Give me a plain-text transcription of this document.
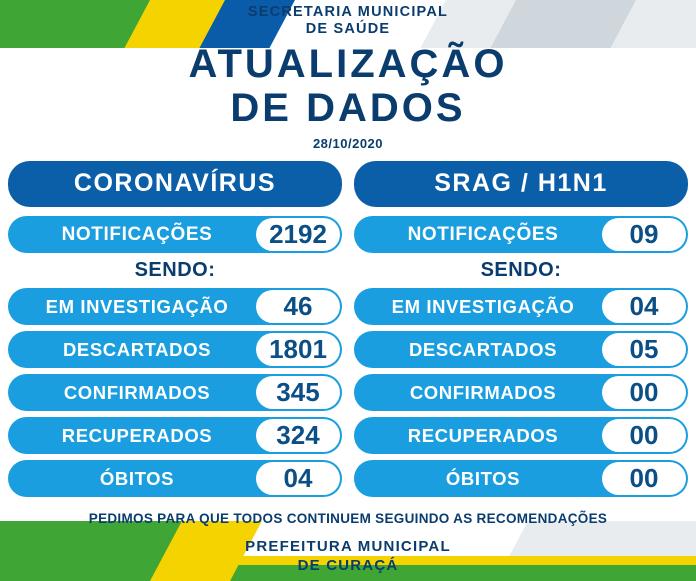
SECRETARIA MUNICIPAL
DE SAÚDE
ATUALIZAÇÃO
DE DADOS
28/10/2020
CORONAVÍRUS
NOTIFICAÇÕES	2192
SENDO:
EM INVESTIGAÇÃO	46
DESCARTADOS	1801
CONFIRMADOS	345
RECUPERADOS	324
ÓBITOS	04
SRAG / H1N1
NOTIFICAÇÕES	09
SENDO:
EM INVESTIGAÇÃO	04
DESCARTADOS	05
CONFIRMADOS	00
RECUPERADOS	00
ÓBITOS	00
PEDIMOS PARA QUE TODOS CONTINUEM SEGUINDO AS RECOMENDAÇÕES
PREFEITURA MUNICIPAL
DE CURAÇÁ
